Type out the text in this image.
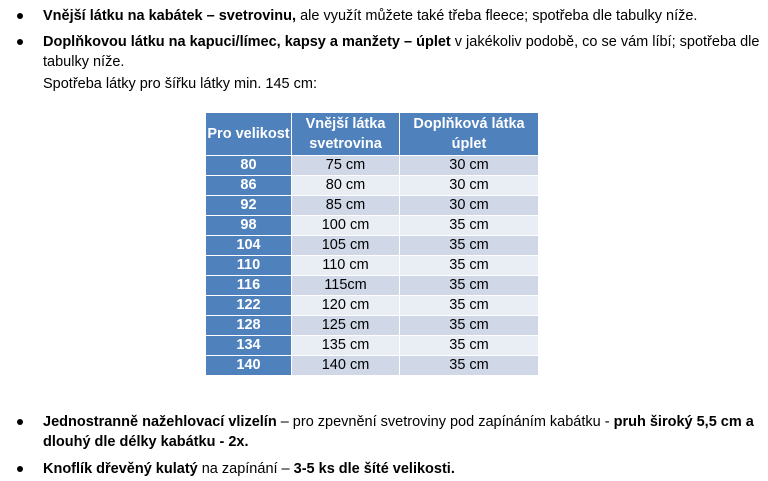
Vnější látku na kabátek – svetrovinu, ale využít můžete také třeba fleece; spotřeba dle tabulky níže.
Doplňkovou látku na kapuci/límec, kapsy a manžety – úplet v jakékoliv podobě, co se vám líbí; spotřeba dle tabulky níže.
Spotřeba látky pro šířku látky min. 145 cm:
Pro velikost	Vnější látka svetrovina	Doplňková látka úplet
80	75 cm	30 cm
86	80 cm	30 cm
92	85 cm	30 cm
98	100 cm	35 cm
104	105 cm	35 cm
110	110 cm	35 cm
116	115cm	35 cm
122	120 cm	35 cm
128	125 cm	35 cm
134	135 cm	35 cm
140	140 cm	35 cm
Jednostranně nažehlovací vlizelín – pro zpevnění svetroviny pod zapínáním kabátku - pruh široký 5,5 cm a dlouhý dle délky kabátku - 2x.
Knoflík dřevěný kulatý na zapínání – 3-5 ks dle šíté velikosti.
